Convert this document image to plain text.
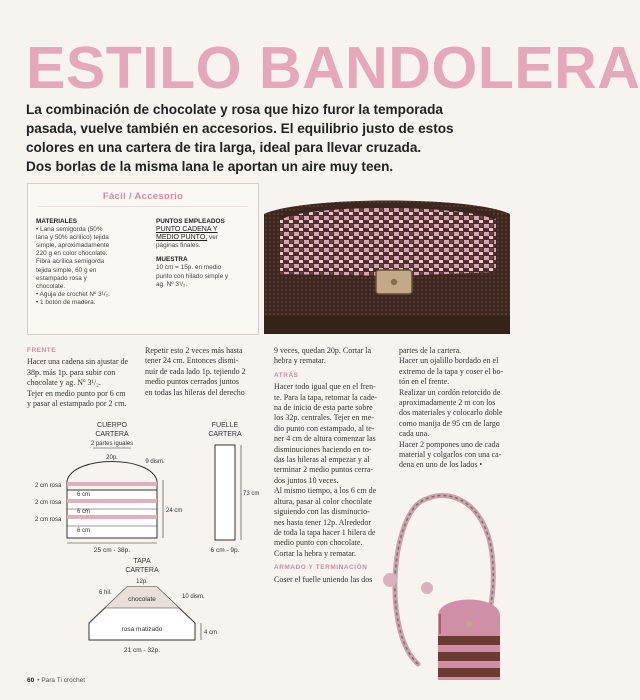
ESTILO BANDOLERA
La combinación de chocolate y rosa que hizo furor la temporada
pasada, vuelve también en accesorios. El equilibrio justo de estos
colores en una cartera de tira larga, ideal para llevar cruzada.
Dos borlas de la misma lana le aportan un aire muy teen.
Fácil / Accesorio
MATERIALES
• Lana semigorda (50%
lana y 50% acrílico) tejida
simple, aproximadamente
220 g en color chocolate.
Fibra acrílica semigorda
tejida simple, 60 g en
estampado rosa y
chocolate.
• Aguja de crochet Nº 3¹/₂.
• 1 botón de madera.
PUNTOS EMPLEADOS
PUNTO CADENA Y
MEDIO PUNTO, ver
páginas finales.
MUESTRA
10 cm = 15p. en medio
punto con hilado simple y
ag. Nº 3¹/₂.
FRENTE
Hacer una cadena sin ajustar de
38p. más 1p. para subir con
chocolate y ag. Nº 3¹/₂.
Tejer en medio punto por 6 cm
y pasar al estampado por 2 cm.
Repetir esto 2 veces más hasta
tener 24 cm. Entonces dismi-
nuir de cada lado 1p. tejiendo 2
medio puntos cerrados juntos
en todas las hileras del derecho
9 veces, quedan 20p. Cortar la
hebra y rematar.
ATRÁS
Hacer todo igual que en el fren-
te. Para la tapa, retomar la cade-
na de inicio de esta parte sobre
los 32p. centrales. Tejer en me-
dio punto con estampado, al te-
ner 4 cm de altura comenzar las
disminuciones haciendo en to-
das las hileras al empezar y al
terminar 2 medio puntos cerra-
dos juntos 10 veces.
Al mismo tiempo, a los 6 cm de
altura, pasar al color chocolate
siguiendo con las disminucio-
nes hasta tener 12p. Alrededor
de toda la tapa hacer 1 hilera de
medio punto con chocolate.
Cortar la hebra y rematar.
ARMADO Y TERMINACIÓN
Coser el fuelle uniendo las dos
partes de la cartera.
Hacer un ojalillo bordado en el
extremo de la tapa y coser el bo-
tón en el frente.
Realizar un cordón retorcido de
aproximadamente 2 m con los
dos materiales y colocarlo doble
como manija de 95 cm de largo
cada una.
Hacer 2 pompones uno de cada
material y colgarlos con una ca-
dena en uno de los lados •
CUERPO
CARTERA
2 partes iguales
20p.
9 dism.
2 cm rosa
2 cm rosa
2 cm rosa
6 cm
6 cm
6 cm
24 cm
25 cm - 38p.
FUELLE
CARTERA
73 cm
6 cm - 9p.
TAPA
CARTERA
12p.
6 hil.
10 dism.
chocolate
rosa matizado	4 cm
21 cm - 32p.
60 • Para Ti crochet
